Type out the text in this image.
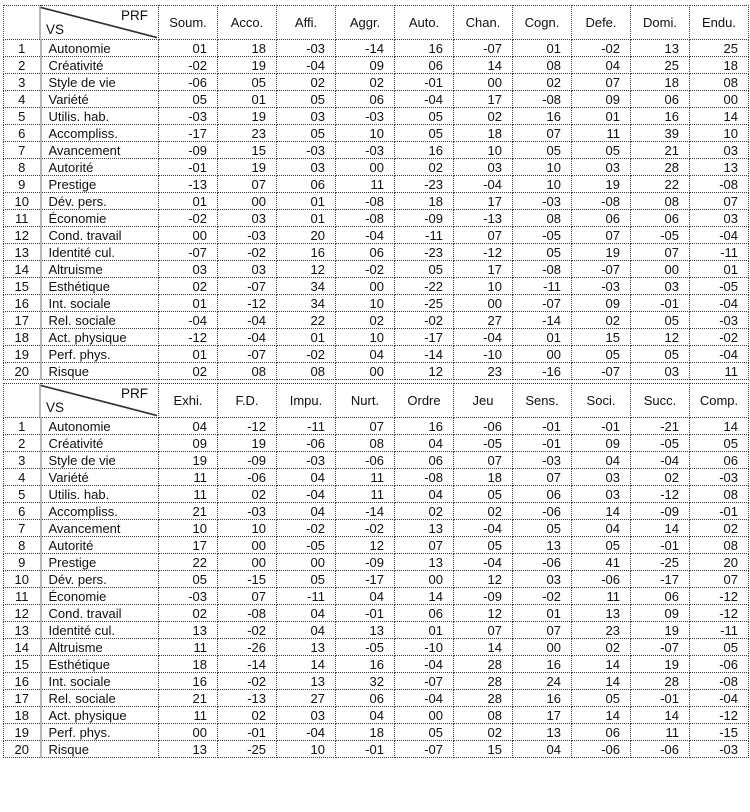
PRF
VS		Soum.	Acco.	Affi.	Aggr.	Auto.	Chan.	Cogn.	Defe.	Domi.	Endu.
1	Autonomie	01	18	-03	-14	16	-07	01	-02	13	25
2	Créativité	-02	19	-04	09	06	14	08	04	25	18
3	Style de vie	-06	05	02	02	-01	00	02	07	18	08
4	Variété	05	01	05	06	-04	17	-08	09	06	00
5	Utilis. hab.	-03	19	03	-03	05	02	16	01	16	14
6	Accompliss.	-17	23	05	10	05	18	07	11	39	10
7	Avancement	-09	15	-03	-03	16	10	05	05	21	03
8	Autorité	-01	19	03	00	02	03	10	03	28	13
9	Prestige	-13	07	06	11	-23	-04	10	19	22	-08
10	Dév. pers.	01	00	01	-08	18	17	-03	-08	08	07
11	Économie	-02	03	01	-08	-09	-13	08	06	06	03
12	Cond. travail	00	-03	20	-04	-11	07	-05	07	-05	-04
13	Identité cul.	-07	-02	16	06	-23	-12	05	19	07	-11
14	Altruisme	03	03	12	-02	05	17	-08	-07	00	01
15	Esthétique	02	-07	34	00	-22	10	-11	-03	03	-05
16	Int. sociale	01	-12	34	10	-25	00	-07	09	-01	-04
17	Rel. sociale	-04	-04	22	02	-02	27	-14	02	05	-03
18	Act. physique	-12	-04	01	10	-17	-04	01	15	12	-02
19	Perf. phys.	01	-07	-02	04	-14	-10	00	05	05	-04
20	Risque	02	08	08	00	12	23	-16	-07	03	11
PRF
VS		Exhi.	F.D.	Impu.	Nurt.	Ordre	Jeu	Sens.	Soci.	Succ.	Comp.
1	Autonomie	04	-12	-11	07	16	-06	-01	-01	-21	14
2	Créativité	09	19	-06	08	04	-05	-01	09	-05	05
3	Style de vie	19	-09	-03	-06	06	07	-03	04	-04	06
4	Variété	11	-06	04	11	-08	18	07	03	02	-03
5	Utilis. hab.	11	02	-04	11	04	05	06	03	-12	08
6	Accompliss.	21	-03	04	-14	02	02	-06	14	-09	-01
7	Avancement	10	10	-02	-02	13	-04	05	04	14	02
8	Autorité	17	00	-05	12	07	05	13	05	-01	08
9	Prestige	22	00	00	-09	13	-04	-06	41	-25	20
10	Dév. pers.	05	-15	05	-17	00	12	03	-06	-17	07
11	Économie	-03	07	-11	04	14	-09	-02	11	06	-12
12	Cond. travail	02	-08	04	-01	06	12	01	13	09	-12
13	Identité cul.	13	-02	04	13	01	07	07	23	19	-11
14	Altruisme	11	-26	13	-05	-10	14	00	02	-07	05
15	Esthétique	18	-14	14	16	-04	28	16	14	19	-06
16	Int. sociale	16	-02	13	32	-07	28	24	14	28	-08
17	Rel. sociale	21	-13	27	06	-04	28	16	05	-01	-04
18	Act. physique	11	02	03	04	00	08	17	14	14	-12
19	Perf. phys.	00	-01	-04	18	05	02	13	06	11	-15
20	Risque	13	-25	10	-01	-07	15	04	-06	-06	-03
